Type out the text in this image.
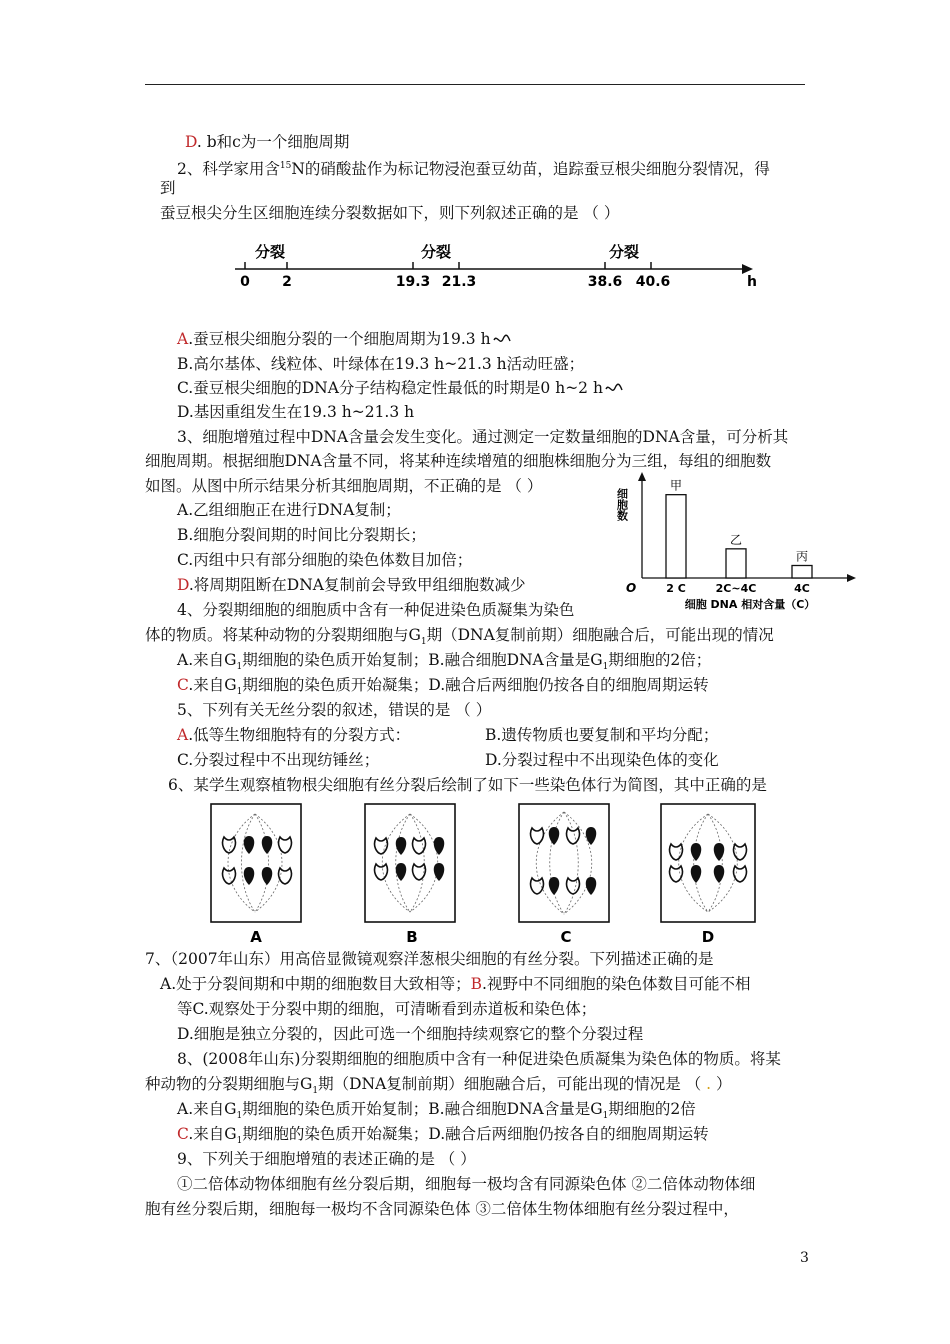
D. b和c为一个细胞周期
2、科学家用含$^{15}$N的硝酸盐作为标记物浸泡蚕豆幼苗，追踪蚕豆根尖细胞分裂情况，得
到
蚕豆根尖分生区细胞连续分裂数据如下，则下列叙述正确的是 （ ）
分裂	分裂	分裂
0 2	19.3 21.3	38.6 40.6	h
A.蚕豆根尖细胞分裂的一个细胞周期为19.3 h
B.高尔基体、线粒体、叶绿体在19.3 h~21.3 h活动旺盛；
C.蚕豆根尖细胞的DNA分子结构稳定性最低的时期是0 h~2 h
D.基因重组发生在19.3 h~21.3 h
3、细胞增殖过程中DNA含量会发生变化。通过测定一定数量细胞的DNA含量，可分析其
细胞周期。根据细胞DNA含量不同，将某种连续增殖的细胞株细胞分为三组，每组的细胞数
如图。从图中所示结果分析其细胞周期，不正确的是 （ ）
A.乙组细胞正在进行DNA复制；
B.细胞分裂间期的时间比分裂期长；
C.丙组中只有部分细胞的染色体数目加倍；
D.将周期阻断在DNA复制前会导致甲组细胞数减少
细胞数
O
甲
2 C
乙
2C~4C
丙
4C
细胞 DNA 相对含量（C）
4、分裂期细胞的细胞质中含有一种促进染色质凝集为染色
体的物质。将某种动物的分裂期细胞与$G_1$期（DNA复制前期）细胞融合后，可能出现的情况
A.来自$G_1$期细胞的染色质开始复制；B.融合细胞DNA含量是$G_1$期细胞的2倍；
C.来自$G_1$期细胞的染色质开始凝集；D.融合后两细胞仍按各自的细胞周期运转
5、下列有关无丝分裂的叙述，错误的是 （ ）
A.低等生物细胞特有的分裂方式：	B.遗传物质也要复制和平均分配；
C.分裂过程中不出现纺锤丝；	D.分裂过程中不出现染色体的变化
6、某学生观察植物根尖细胞有丝分裂后绘制了如下一些染色体行为简图，其中正确的是
A	B	C	D
7、（2007年山东）用高倍显微镜观察洋葱根尖细胞的有丝分裂。下列描述正确的是
A.处于分裂间期和中期的细胞数目大致相等；B.视野中不同细胞的染色体数目可能不相
等C.观察处于分裂中期的细胞，可清晰看到赤道板和染色体；
D.细胞是独立分裂的，因此可选一个细胞持续观察它的整个分裂过程
8、(2008年山东)分裂期细胞的细胞质中含有一种促进染色质凝集为染色体的物质。将某
种动物的分裂期细胞与$G_1$期（DNA复制前期）细胞融合后，可能出现的情况是 （ . ）
A.来自$G_1$期细胞的染色质开始复制；B.融合细胞DNA含量是$G_1$期细胞的2倍
C.来自$G_1$期细胞的染色质开始凝集；D.融合后两细胞仍按各自的细胞周期运转
9、下列关于细胞增殖的表述正确的是 （ ）
①二倍体动物体细胞有丝分裂后期，细胞每一极均含有同源染色体 ②二倍体动物体细
胞有丝分裂后期，细胞每一极均不含同源染色体 ③二倍体生物体细胞有丝分裂过程中，
3
